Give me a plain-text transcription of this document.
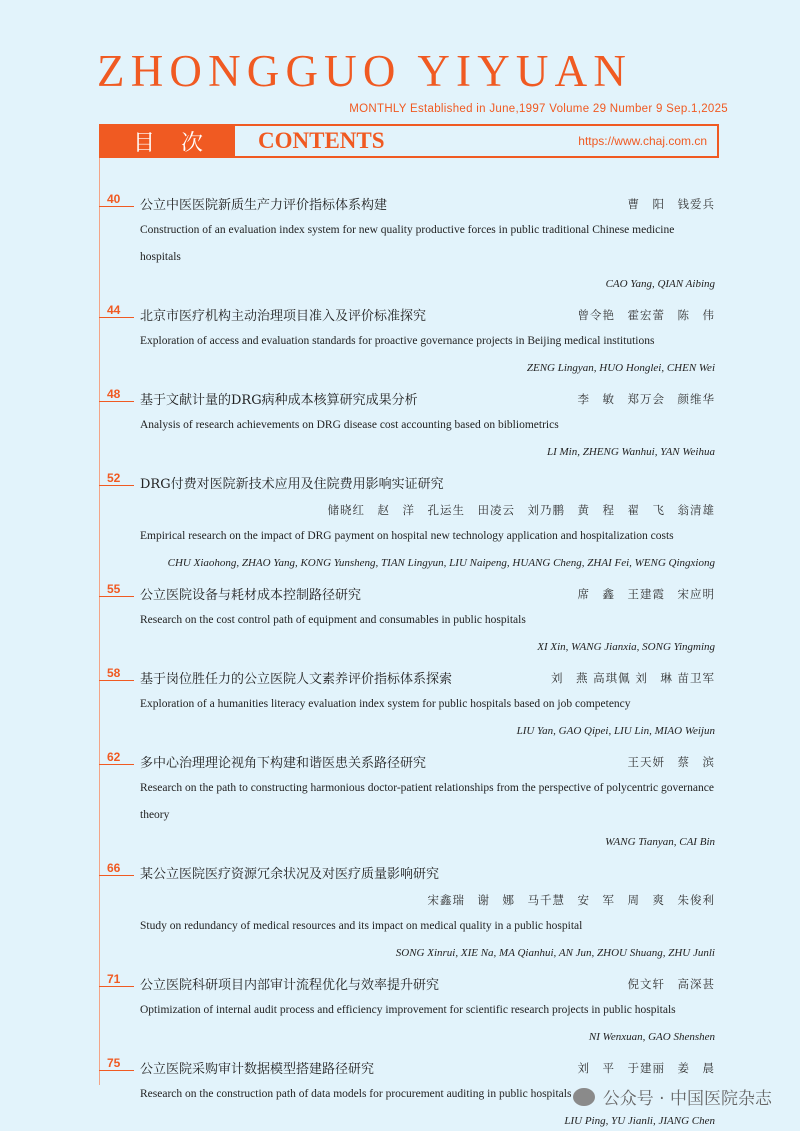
ZHONGGUO YIYUAN
MONTHLY Established in June,1997 Volume 29 Number 9 Sep.1,2025
目 次 CONTENTS	https://www.chaj.com.cn
40 公立中医医院新质生产力评价指标体系构建	曹　阳　钱爱兵
Construction of an evaluation index system for new quality productive forces in public traditional Chinese medicine hospitals
CAO Yang, QIAN Aibing
44 北京市医疗机构主动治理项目准入及评价标准探究	曾令艳　霍宏蕾　陈　伟
Exploration of access and evaluation standards for proactive governance projects in Beijing medical institutions
ZENG Lingyan, HUO Honglei, CHEN Wei
48 基于文献计量的DRG病种成本核算研究成果分析	李　敏　郑万会　颜维华
Analysis of research achievements on DRG disease cost accounting based on bibliometrics
LI Min, ZHENG Wanhui, YAN Weihua
52 DRG付费对医院新技术应用及住院费用影响实证研究
储晓红　赵　洋　孔运生　田凌云　刘乃鹏　黄　程　翟　飞　翁清雄
Empirical research on the impact of DRG payment on hospital new technology application and hospitalization costs
CHU Xiaohong, ZHAO Yang, KONG Yunsheng, TIAN Lingyun, LIU Naipeng, HUANG Cheng, ZHAI Fei, WENG Qingxiong
55 公立医院设备与耗材成本控制路径研究	席　鑫　王建霞　宋应明
Research on the cost control path of equipment and consumables in public hospitals
XI Xin, WANG Jianxia, SONG Yingming
58 基于岗位胜任力的公立医院人文素养评价指标体系探索	刘　燕 高琪佩 刘　琳 苗卫军
Exploration of a humanities literacy evaluation index system for public hospitals based on job competency
LIU Yan, GAO Qipei, LIU Lin, MIAO Weijun
62 多中心治理理论视角下构建和谐医患关系路径研究	王天妍　蔡　滨
Research on the path to constructing harmonious doctor-patient relationships from the perspective of polycentric governance theory
WANG Tianyan, CAI Bin
66 某公立医院医疗资源冗余状况及对医疗质量影响研究
宋鑫瑞　谢　娜　马千慧　安　军　周　爽　朱俊利
Study on redundancy of medical resources and its impact on medical quality in a public hospital
SONG Xinrui, XIE Na, MA Qianhui, AN Jun, ZHOU Shuang, ZHU Junli
71 公立医院科研项目内部审计流程优化与效率提升研究	倪文轩　高深甚
Optimization of internal audit process and efficiency improvement for scientific research projects in public hospitals
NI Wenxuan, GAO Shenshen
75 公立医院采购审计数据模型搭建路径研究	刘　平　于建丽　姜　晨
Research on the construction path of data models for procurement auditing in public hospitals
LIU Ping, YU Jianli, JIANG Chen
公众号 · 中国医院杂志
